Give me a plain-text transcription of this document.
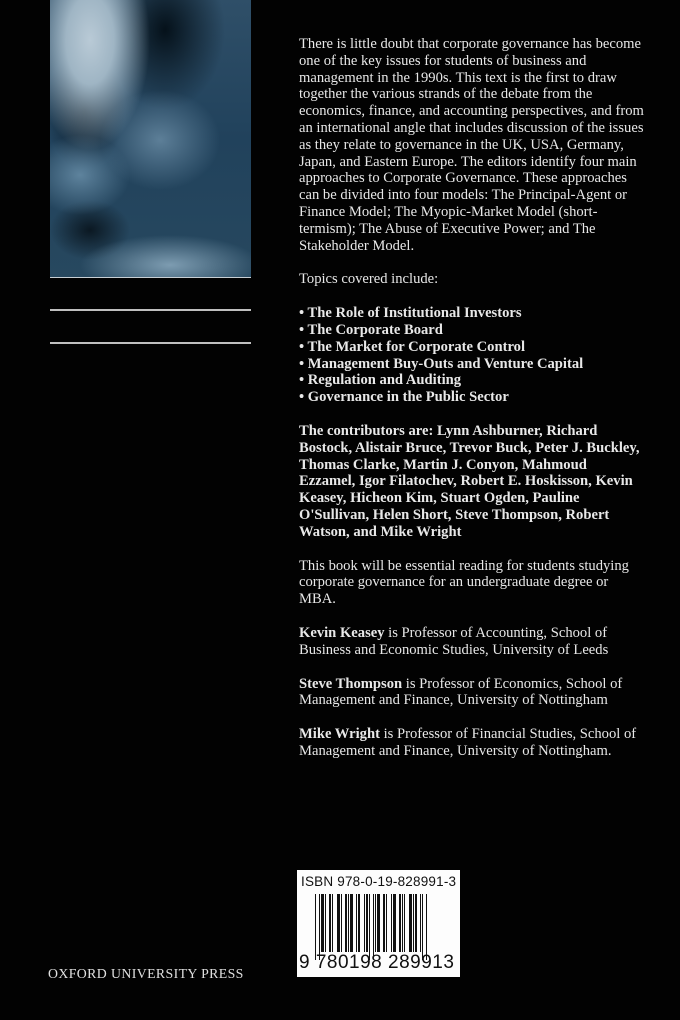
There is little doubt that corporate governance has become one of the key issues for students of business and management in the 1990s. This text is the first to draw together the various strands of the debate from the economics, finance, and accounting perspectives, and from an international angle that includes discussion of the issues as they relate to governance in the UK, USA, Germany, Japan, and Eastern Europe. The editors identify four main approaches to Corporate Governance. These approaches can be divided into four models: The Principal-Agent or Finance Model; The Myopic-Market Model (short-termism); The Abuse of Executive Power; and The Stakeholder Model.

Topics covered include:

• The Role of Institutional Investors
• The Corporate Board
• The Market for Corporate Control
• Management Buy-Outs and Venture Capital
• Regulation and Auditing
• Governance in the Public Sector

The contributors are: Lynn Ashburner, Richard Bostock, Alistair Bruce, Trevor Buck, Peter J. Buckley, Thomas Clarke, Martin J. Conyon, Mahmoud Ezzamel, Igor Filatochev, Robert E. Hoskisson, Kevin Keasey, Hicheon Kim, Stuart Ogden, Pauline O'Sullivan, Helen Short, Steve Thompson, Robert Watson, and Mike Wright

This book will be essential reading for students studying corporate governance for an undergraduate degree or MBA.

Kevin Keasey is Professor of Accounting, School of Business and Economic Studies, University of Leeds

Steve Thompson is Professor of Economics, School of Management and Finance, University of Nottingham

Mike Wright is Professor of Financial Studies, School of Management and Finance, University of Nottingham.

ISBN 978-0-19-828991-3
9 780198 289913
OXFORD UNIVERSITY PRESS
